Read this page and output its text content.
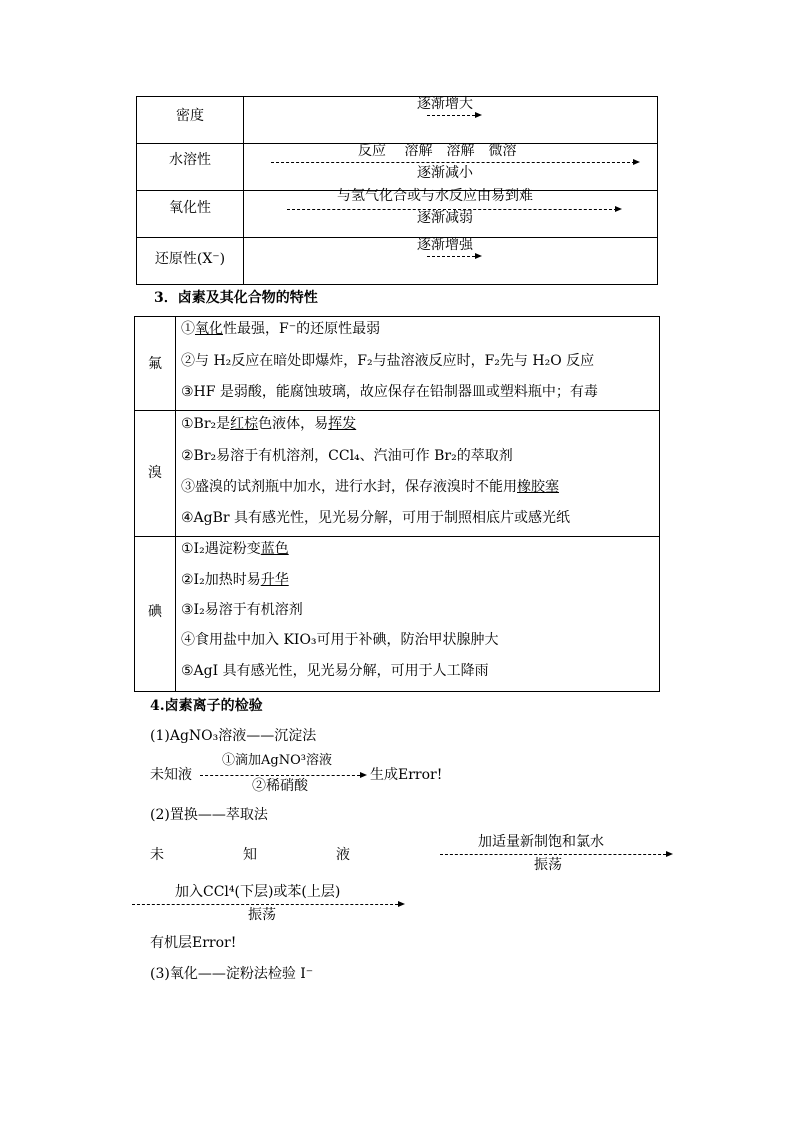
密度
逐渐增大
水溶性
反应　 溶解　溶解　微溶
逐渐减小
氧化性
与氢气化合或与水反应由易到难
逐渐减弱
还原性(X⁻)
逐渐增强
3．卤素及其化合物的特性
氟
①氧化性最强，F⁻的还原性最弱
②与 H₂反应在暗处即爆炸，F₂与盐溶液反应时，F₂先与 H₂O 反应
③HF 是弱酸，能腐蚀玻璃，故应保存在铅制器皿或塑料瓶中；有毒
溴
①Br₂是红棕色液体，易挥发
②Br₂易溶于有机溶剂，CCl₄、汽油可作 Br₂的萃取剂
③盛溴的试剂瓶中加水，进行水封，保存液溴时不能用橡胶塞
④AgBr 具有感光性，见光易分解，可用于制照相底片或感光纸
碘
①I₂遇淀粉变蓝色
②I₂加热时易升华
③I₂易溶于有机溶剂
④食用盐中加入 KIO₃可用于补碘，防治甲状腺肿大
⑤AgI 具有感光性，见光易分解，可用于人工降雨
4.卤素离子的检验
(1)AgNO₃溶液——沉淀法
未知液
①滴加AgNO³溶液
②稀硝酸
生成Error!
(2)置换——萃取法
未	知	液
加适量新制饱和氯水
振荡
加入CCl⁴(下层)或苯(上层)
振荡
有机层Error!
(3)氧化——淀粉法检验 I⁻
